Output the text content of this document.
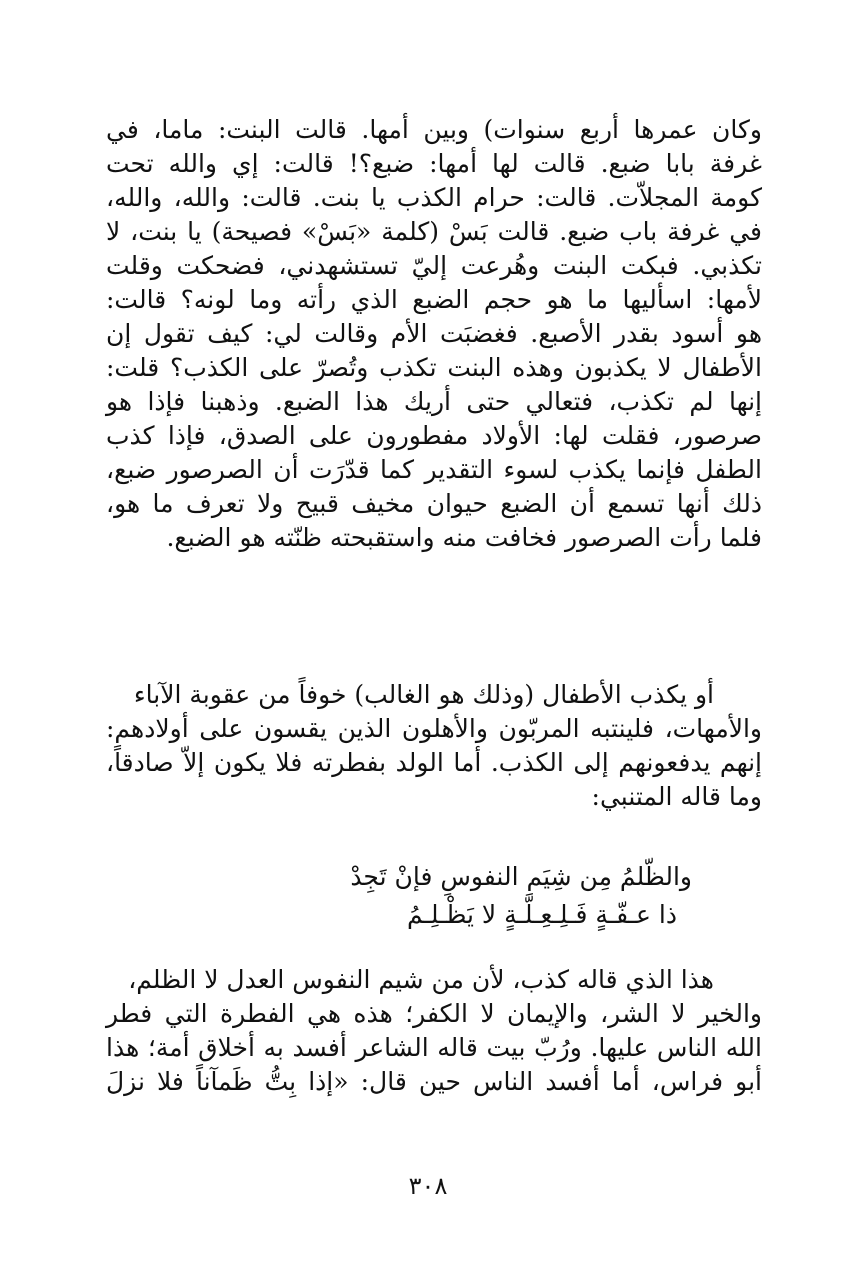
وكان عمرها أربع سنوات) وبين أمها. قالت البنت: ماما، في
غرفة بابا ضبع. قالت لها أمها: ضبع؟! قالت: إي والله تحت
كومة المجلاّت. قالت: حرام الكذب يا بنت. قالت: والله، والله،
في غرفة باب ضبع. قالت بَسْ (كلمة «بَسْ» فصيحة) يا بنت، لا
تكذبي. فبكت البنت وهُرعت إليّ تستشهدني، فضحكت وقلت
لأمها: اسأليها ما هو حجم الضبع الذي رأته وما لونه؟ قالت:
هو أسود بقدر الأصبع. فغضبَت الأم وقالت لي: كيف تقول إن
الأطفال لا يكذبون وهذه البنت تكذب وتُصرّ على الكذب؟ قلت:
إنها لم تكذب، فتعالي حتى أريك هذا الضبع. وذهبنا فإذا هو
صرصور، فقلت لها: الأولاد مفطورون على الصدق، فإذا كذب
الطفل فإنما يكذب لسوء التقدير كما قدّرَت أن الصرصور ضبع،
ذلك أنها تسمع أن الضبع حيوان مخيف قبيح ولا تعرف ما هو،
فلما رأت الصرصور فخافت منه واستقبحته ظنّته هو الضبع.
أو يكذب الأطفال (وذلك هو الغالب) خوفاً من عقوبة الآباء
والأمهات، فلينتبه المربّون والأهلون الذين يقسون على أولادهم:
إنهم يدفعونهم إلى الكذب. أما الولد بفطرته فلا يكون إلاّ صادقاً،
وما قاله المتنبي:
والظّلمُ مِن شِيَمِ النفوسِ فإنْ تَجِدْ
ذا عـفّـةٍ فَـلِـعِـلّـةٍ لا يَظْـلِـمُ
هذا الذي قاله كذب، لأن من شيم النفوس العدل لا الظلم،
والخير لا الشر، والإيمان لا الكفر؛ هذه هي الفطرة التي فطر
الله الناس عليها. ورُبّ بيت قاله الشاعر أفسد به أخلاق أمة؛ هذا
أبو فراس، أما أفسد الناس حين قال: «إذا بِتُّ ظَمآناً فلا نزلَ
٣٠٨
